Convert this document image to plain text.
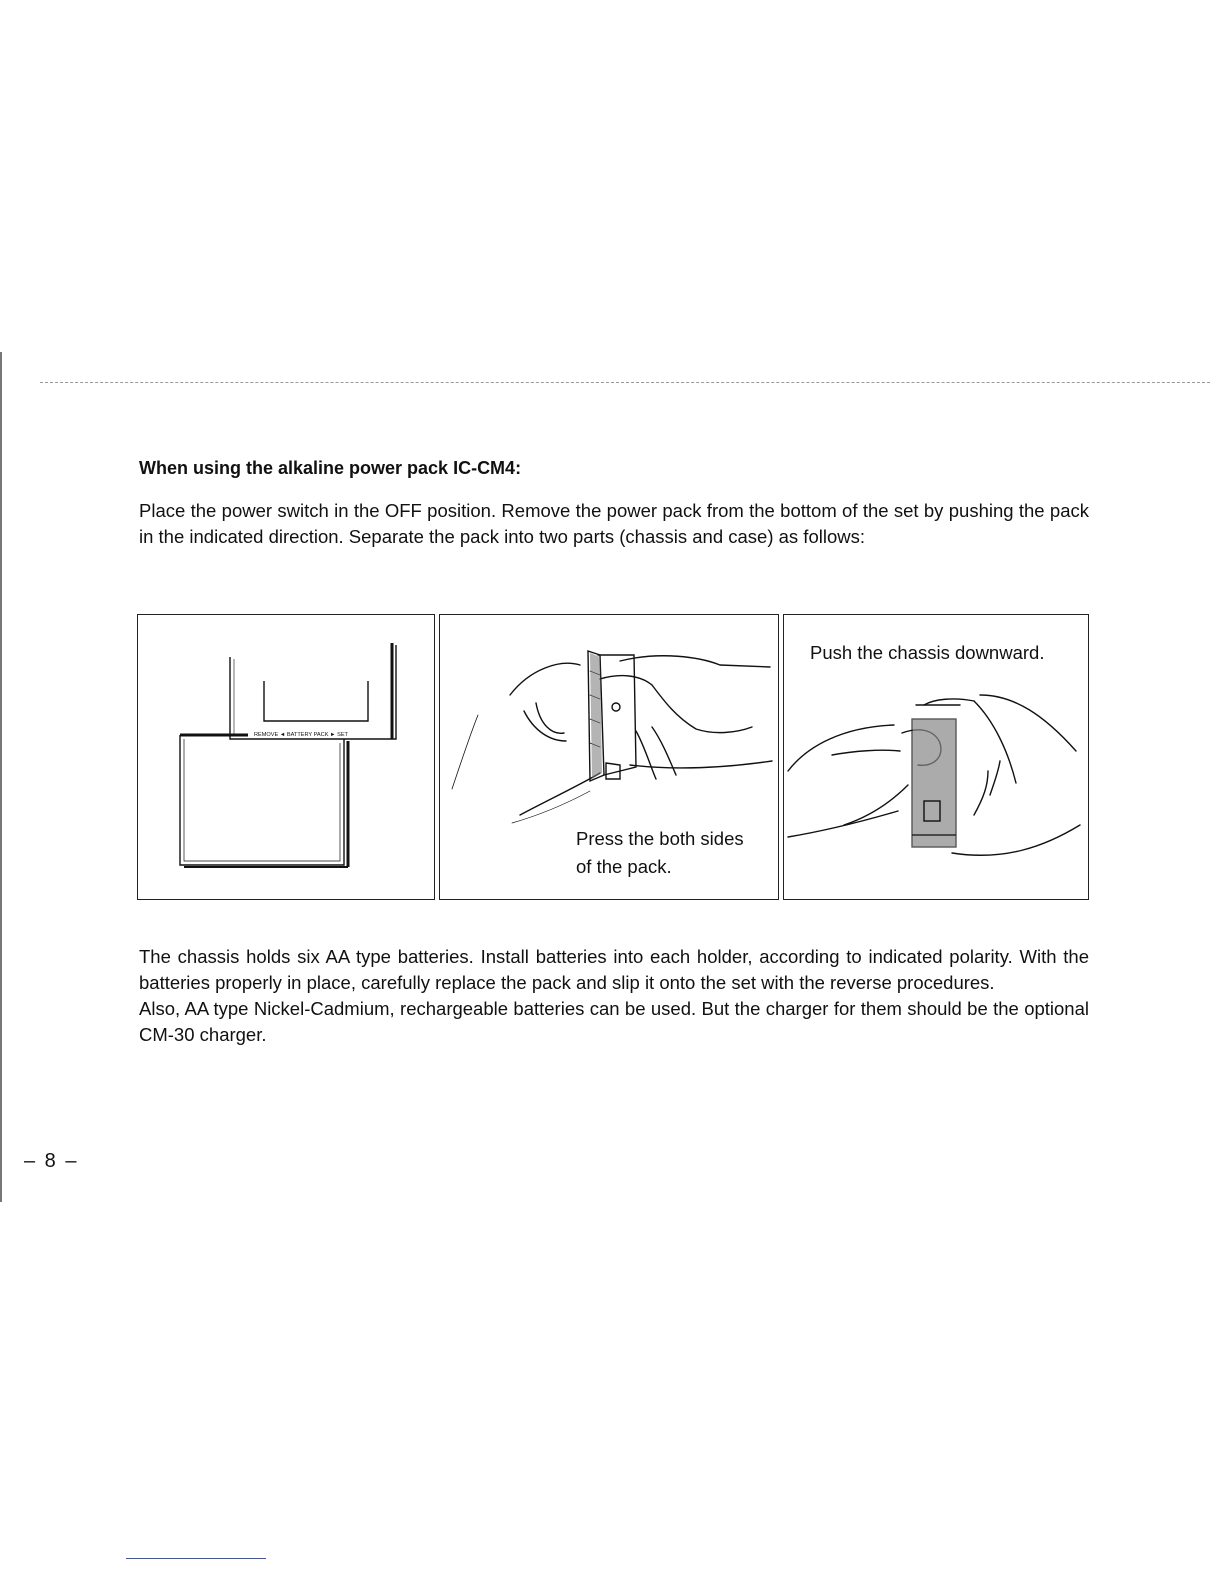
When using the alkaline power pack IC-CM4:

Place the power switch in the OFF position. Remove the power pack from the bottom of the set by pushing the pack in the indicated direction. Separate the pack into two parts (chassis and case) as follows:

REMOVE ◄ BATTERY PACK ► SET
Press the both sides
of the pack.
Push the chassis downward.

The chassis holds six AA type batteries. Install batteries into each holder, according to indicated polarity. With the batteries properly in place, carefully replace the pack and slip it onto the set with the reverse procedures.

Also, AA type Nickel-Cadmium, rechargeable batteries can be used. But the charger for them should be the optional CM-30 charger.

– 8 –
